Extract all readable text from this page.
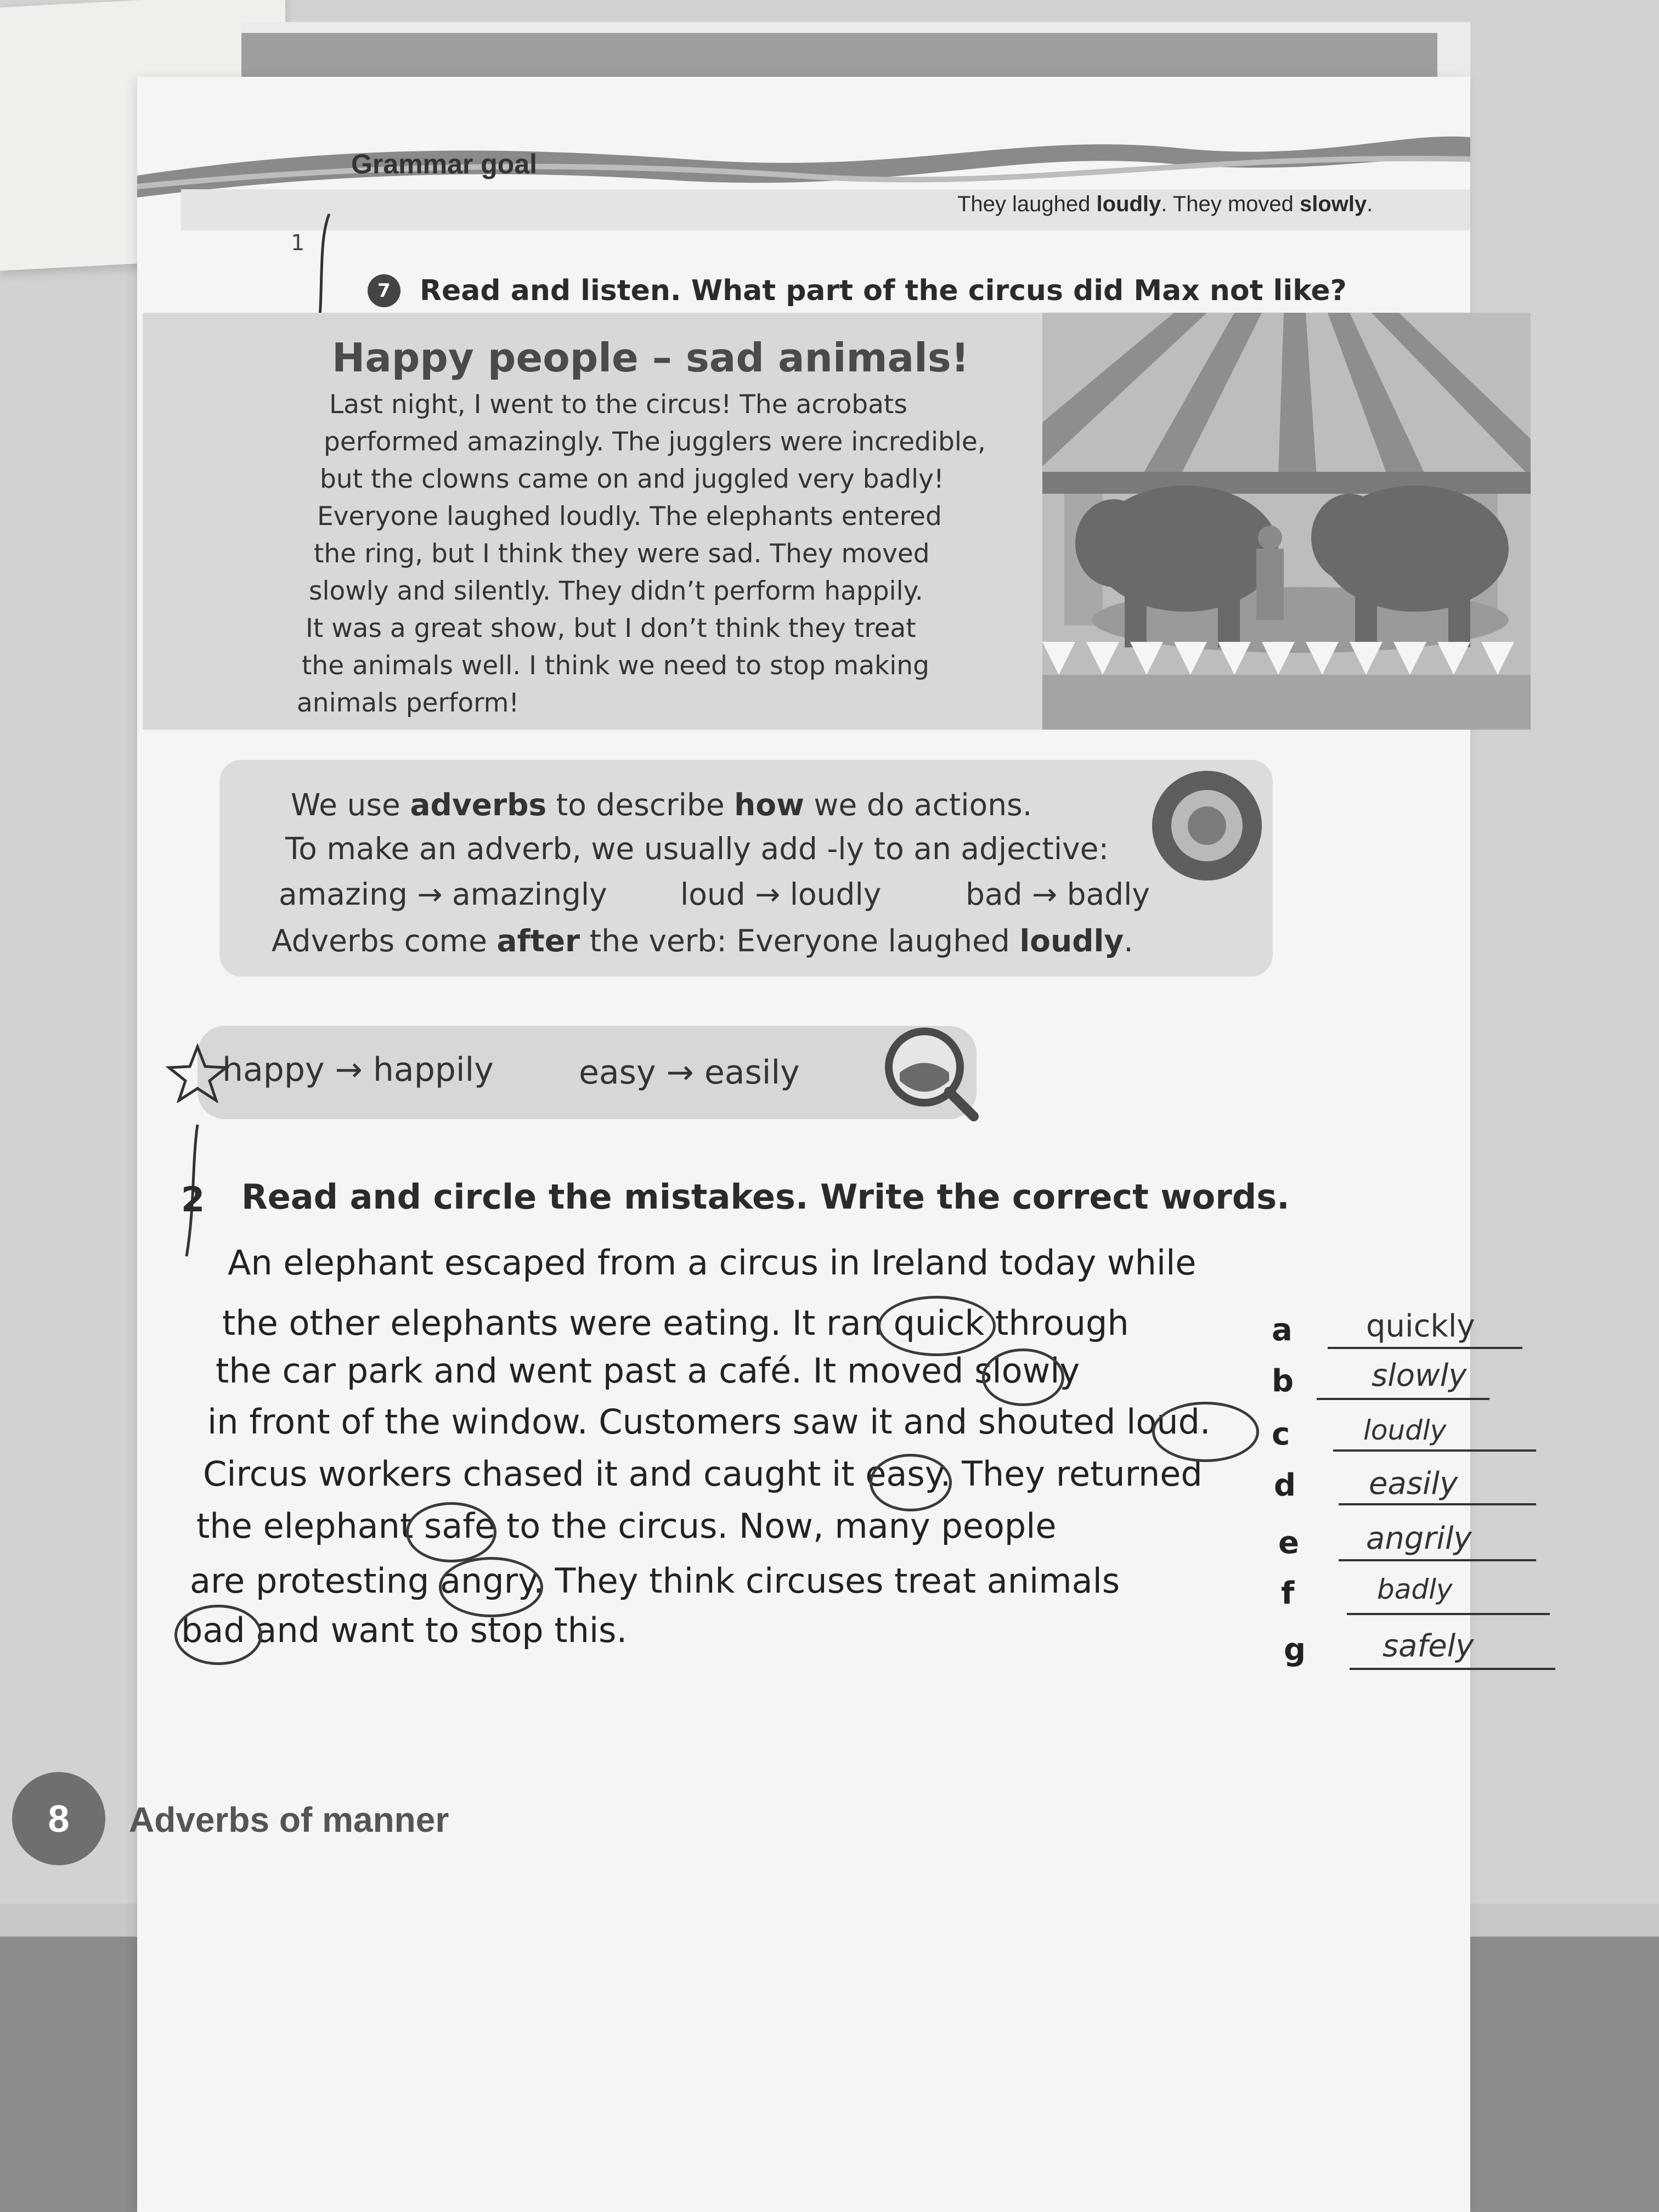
Grammar goal
They laughed loudly. They moved slowly.
1
7	Read and listen. What part of the circus did Max not like?
Happy people – sad animals!
Last night, I went to the circus! The acrobats
performed amazingly. The jugglers were incredible,
but the clowns came on and juggled very badly!
Everyone laughed loudly. The elephants entered
the ring, but I think they were sad. They moved
slowly and silently. They didn’t perform happily.
It was a great show, but I don’t think they treat
the animals well. I think we need to stop making
animals perform!
We use adverbs to describe how we do actions.
To make an adverb, we usually add -ly to an adjective:
amazing → amazingly loud → loudly	bad → badly
Adverbs come after the verb: Everyone laughed loudly.
happy → happily	easy → easily
2 Read and circle the mistakes. Write the correct words.
An elephant escaped from a circus in Ireland today while
the other elephants were eating. It ran quick through
the car park and went past a café. It moved slowly
in front of the window. Customers saw it and shouted loud.
Circus workers chased it and caught it easy. They returned
the elephant safe to the circus. Now, many people
are protesting angry. They think circuses treat animals
bad and want to stop this.
a quickly
b	slowly
c	loudly
d easily
e angrily
f	badly
g safely
8	Adverbs of manner
